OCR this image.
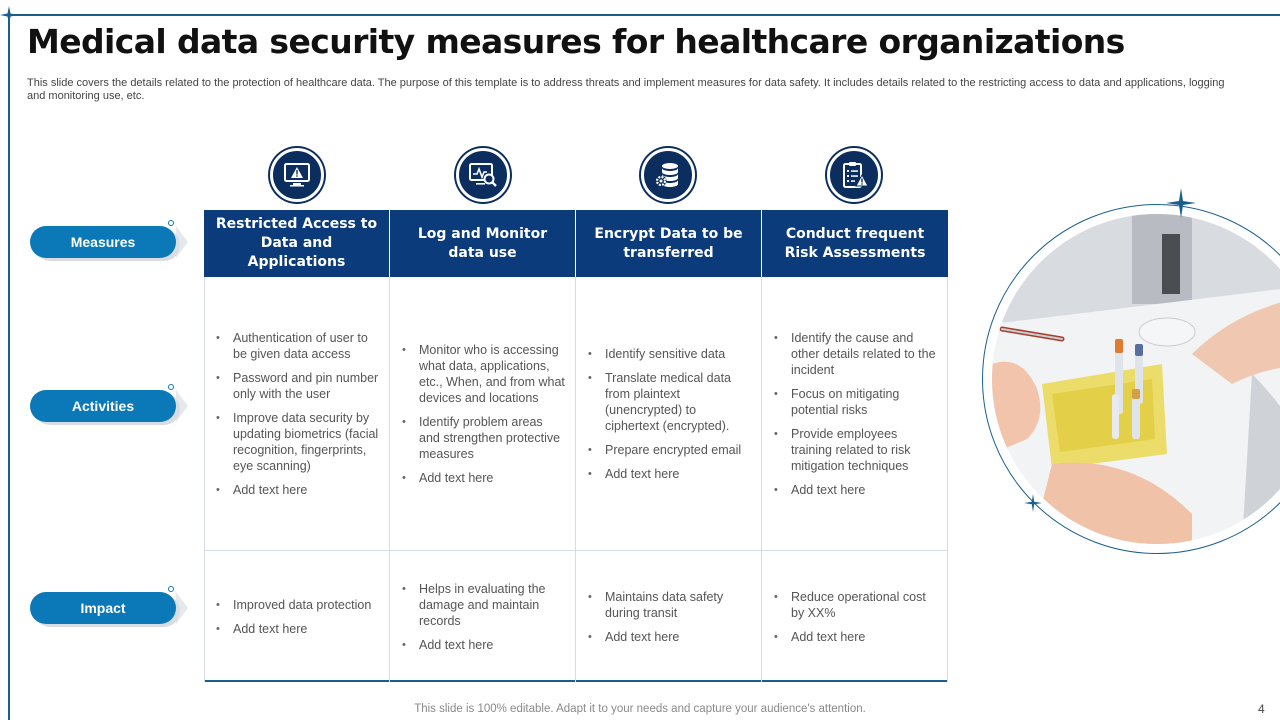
Medical data security measures for healthcare organizations
This slide covers the details related to the protection of healthcare data. The purpose of this template is to address threats and implement measures for data safety. It includes details related to the restricting access to data and applications, logging and monitoring use, etc.
Measures
Activities
Impact
Restricted Access to Data and Applications
Log and Monitor data use
Encrypt Data to be transferred
Conduct frequent Risk Assessments
• Authentication of user to be given data access
• Password and pin number only with the user
• Improve data security by updating biometrics (facial recognition, fingerprints, eye scanning)
• Add text here
• Monitor who is accessing what data, applications, etc., When, and from what devices and locations
• Identify problem areas and strengthen protective measures
• Add text here
• Identify sensitive data
• Translate medical data from plaintext (unencrypted) to ciphertext (encrypted).
• Prepare encrypted email
• Add text here
• Identify the cause and other details related to the incident
• Focus on mitigating potential risks
• Provide employees training related to risk mitigation techniques
• Add text here
• Improved data protection
• Add text here
• Helps in evaluating the damage and maintain records
• Add text here
• Maintains data safety during transit
• Add text here
• Reduce operational cost by XX%
• Add text here
This slide is 100% editable. Adapt it to your needs and capture your audience's attention.	4
